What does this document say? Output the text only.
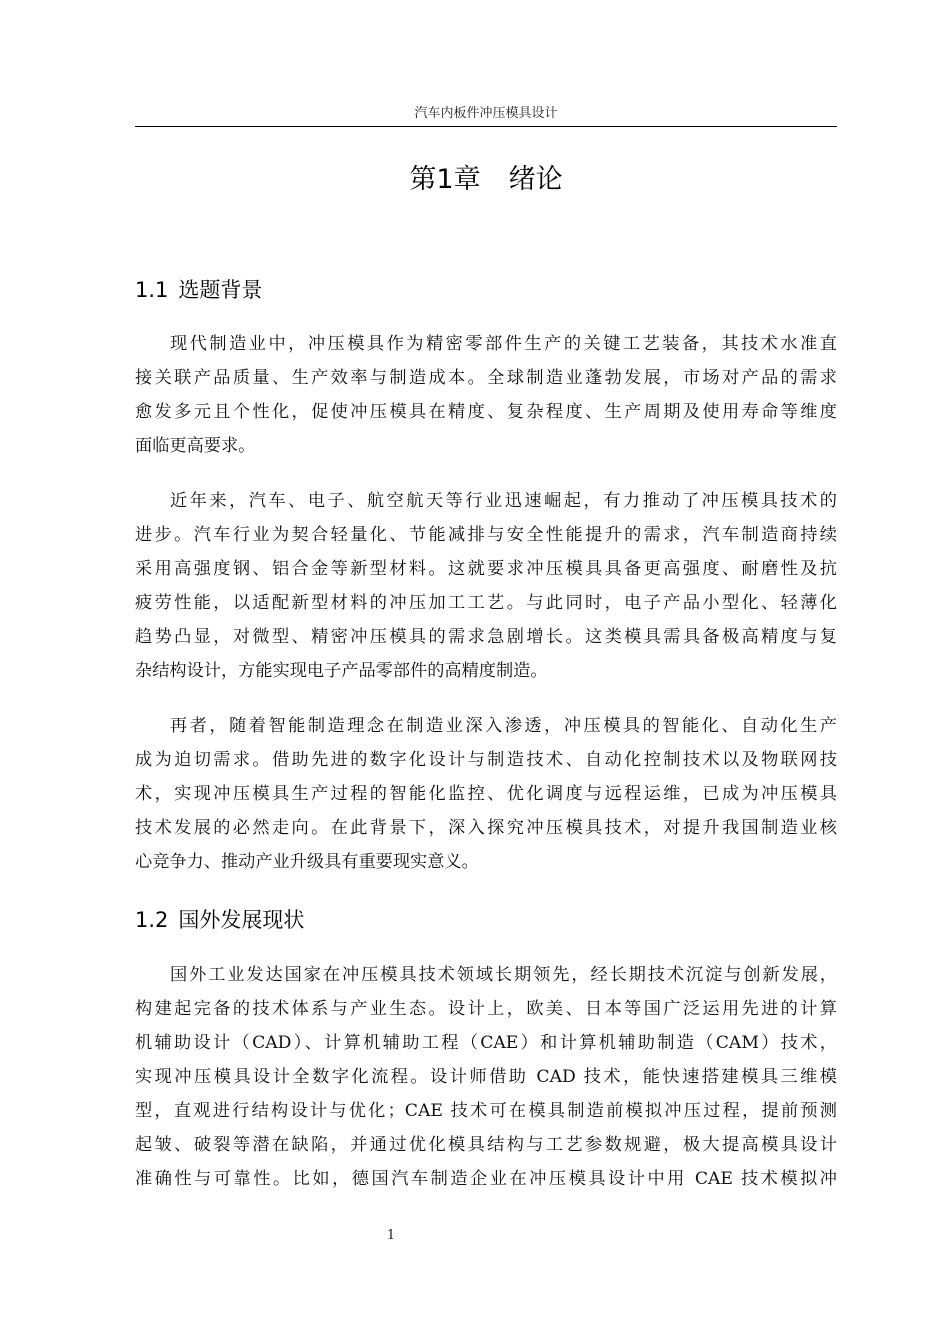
汽车内板件冲压模具设计
第1章 绪论
1.1 选题背景
现代制造业中，冲压模具作为精密零部件生产的关键工艺装备，其技术水准直
接关联产品质量、生产效率与制造成本。全球制造业蓬勃发展，市场对产品的需求
愈发多元且个性化，促使冲压模具在精度、复杂程度、生产周期及使用寿命等维度
面临更高要求。
近年来，汽车、电子、航空航天等行业迅速崛起，有力推动了冲压模具技术的
进步。汽车行业为契合轻量化、节能减排与安全性能提升的需求，汽车制造商持续
采用高强度钢、铝合金等新型材料。这就要求冲压模具具备更高强度、耐磨性及抗
疲劳性能，以适配新型材料的冲压加工工艺。与此同时，电子产品小型化、轻薄化
趋势凸显，对微型、精密冲压模具的需求急剧增长。这类模具需具备极高精度与复
杂结构设计，方能实现电子产品零部件的高精度制造。
再者，随着智能制造理念在制造业深入渗透，冲压模具的智能化、自动化生产
成为迫切需求。借助先进的数字化设计与制造技术、自动化控制技术以及物联网技
术，实现冲压模具生产过程的智能化监控、优化调度与远程运维，已成为冲压模具
技术发展的必然走向。在此背景下，深入探究冲压模具技术，对提升我国制造业核
心竞争力、推动产业升级具有重要现实意义。
1.2 国外发展现状
国外工业发达国家在冲压模具技术领域长期领先，经长期技术沉淀与创新发展，
构建起完备的技术体系与产业生态。设计上，欧美、日本等国广泛运用先进的计算
机辅助设计（CAD）、计算机辅助工程（CAE）和计算机辅助制造（CAM）技术，
实现冲压模具设计全数字化流程。设计师借助 CAD 技术，能快速搭建模具三维模
型，直观进行结构设计与优化；CAE 技术可在模具制造前模拟冲压过程，提前预测
起皱、破裂等潜在缺陷，并通过优化模具结构与工艺参数规避，极大提高模具设计
准确性与可靠性。比如，德国汽车制造企业在冲压模具设计中用 CAE 技术模拟冲
1
